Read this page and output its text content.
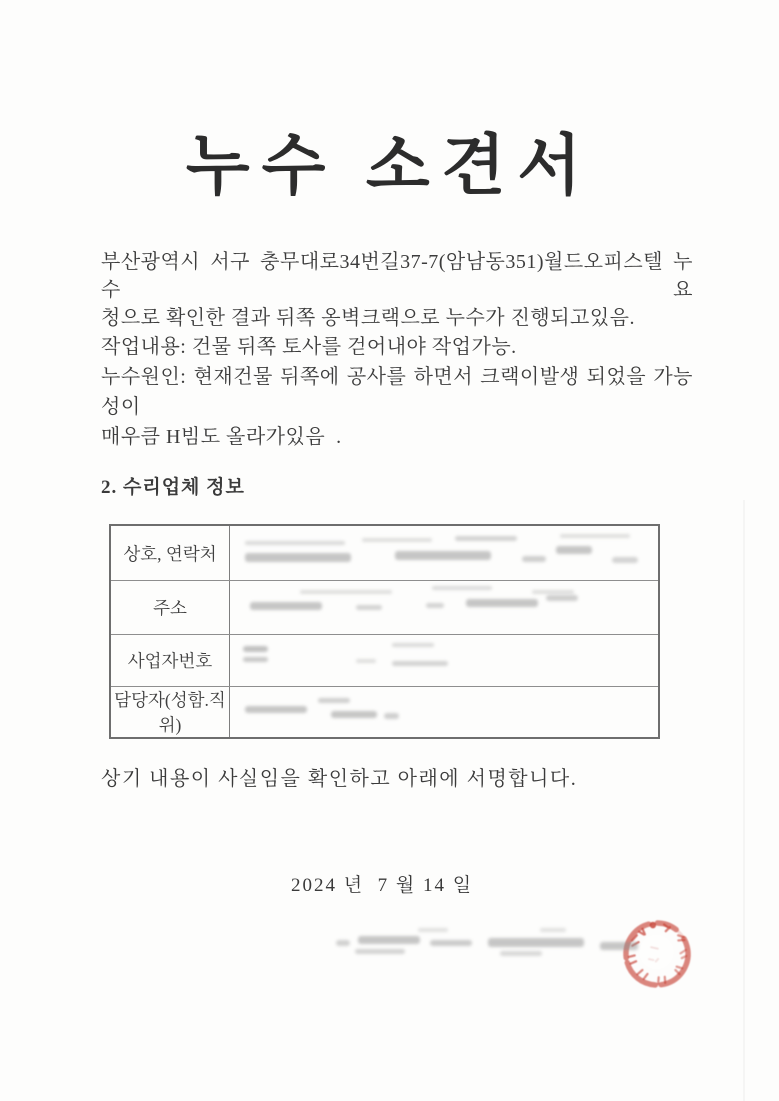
누수 소견서
부산광역시 서구 충무대로34번길37-7(암남동351)월드오피스텔 누수 요
청으로 확인한 결과 뒤쪽 옹벽크랙으로 누수가 진행되고있음.
작업내용: 건물 뒤쪽 토사를 걷어내야 작업가능.
누수원인: 현재건물 뒤쪽에 공사를 하면서 크랙이발생 되었을 가능성이
매우큼 H빔도 올라가있음  .
2. 수리업체 정보
상호, 연락처
주소
사업자번호
담당자(성함.직위)

상기 내용이 사실임을 확인하고 아래에 서명합니다.

2024 년  7 월 14 일
